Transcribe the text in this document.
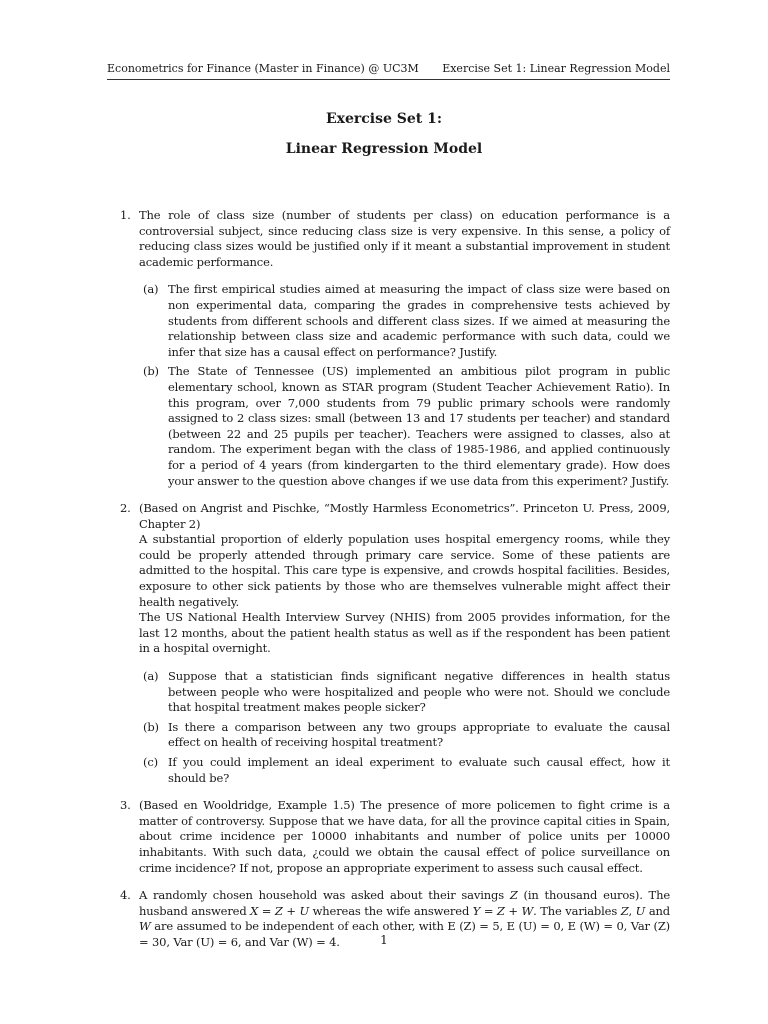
Econometrics for Finance (Master in Finance) @ UC3M Exercise Set 1: Linear Regression Model
Exercise Set 1:
Linear Regression Model
1. The role of class size (number of students per class) on education performance is a controversial subject, since reducing class size is very expensive. In this sense, a policy of reducing class sizes would be justified only if it meant a substantial improvement in student academic performance.
(a) The first empirical studies aimed at measuring the impact of class size were based on non experimental data, comparing the grades in comprehensive tests achieved by students from different schools and different class sizes. If we aimed at measuring the relationship between class size and academic performance with such data, could we infer that size has a causal effect on performance? Justify.
(b) The State of Tennessee (US) implemented an ambitious pilot program in public elementary school, known as STAR program (Student Teacher Achievement Ratio). In this program, over 7,000 students from 79 public primary schools were randomly assigned to 2 class sizes: small (between 13 and 17 students per teacher) and standard (between 22 and 25 pupils per teacher). Teachers were assigned to classes, also at random. The experiment began with the class of 1985-1986, and applied continuously for a period of 4 years (from kindergarten to the third elementary grade). How does your answer to the question above changes if we use data from this experiment? Justify.
2. (Based on Angrist and Pischke, “Mostly Harmless Econometrics”. Princeton U. Press, 2009, Chapter 2)
A substantial proportion of elderly population uses hospital emergency rooms, while they could be properly attended through primary care service. Some of these patients are admitted to the hospital. This care type is expensive, and crowds hospital facilities. Besides, exposure to other sick patients by those who are themselves vulnerable might affect their health negatively.
The US National Health Interview Survey (NHIS) from 2005 provides information, for the last 12 months, about the patient health status as well as if the respondent has been patient in a hospital overnight.
(a) Suppose that a statistician finds significant negative differences in health status between people who were hospitalized and people who were not. Should we conclude that hospital treatment makes people sicker?
(b) Is there a comparison between any two groups appropriate to evaluate the causal effect on health of receiving hospital treatment?
(c) If you could implement an ideal experiment to evaluate such causal effect, how it should be?
3. (Based en Wooldridge, Example 1.5) The presence of more policemen to fight crime is a matter of controversy. Suppose that we have data, for all the province capital cities in Spain, about crime incidence per 10000 inhabitants and number of police units per 10000 inhabitants. With such data, ¿could we obtain the causal effect of police surveillance on crime incidence? If not, propose an appropriate experiment to assess such causal effect.
4. A randomly chosen household was asked about their savings Z (in thousand euros). The husband answered X = Z + U whereas the wife answered Y = Z + W. The variables Z, U and W are assumed to be independent of each other, with E (Z) = 5, E (U) = 0, E (W) = 0, Var (Z) = 30, Var (U) = 6, and Var (W) = 4.	1
